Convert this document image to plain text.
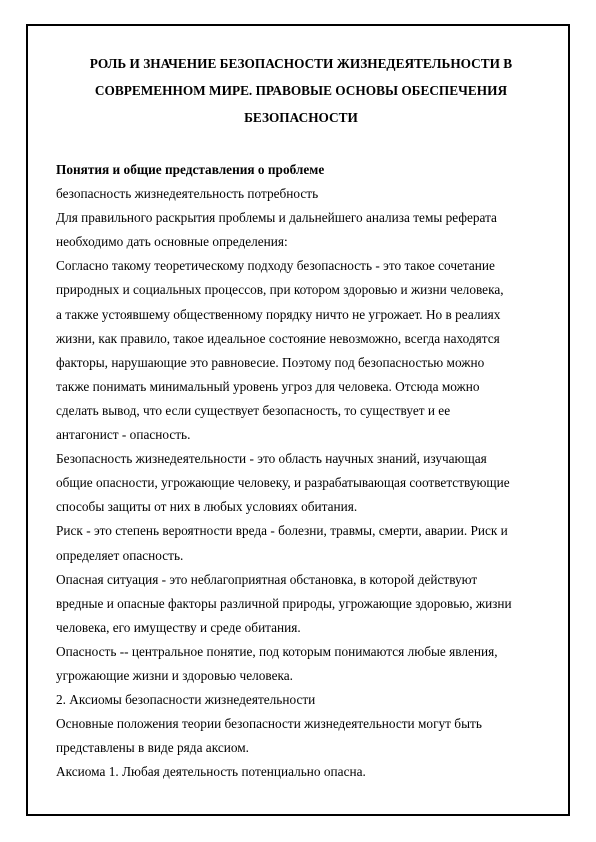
РОЛЬ И ЗНАЧЕНИЕ БЕЗОПАСНОСТИ ЖИЗНЕДЕЯТЕЛЬНОСТИ В
СОВРЕМЕННОМ МИРЕ. ПРАВОВЫЕ ОСНОВЫ ОБЕСПЕЧЕНИЯ
БЕЗОПАСНОСТИ
Понятия и общие представления о проблеме
безопасность жизнедеятельность потребность
Для правильного раскрытия проблемы и дальнейшего анализа темы реферата
необходимо дать основные определения:
Согласно такому теоретическому подходу безопасность - это такое сочетание
природных и социальных процессов, при котором здоровью и жизни человека,
а также устоявшему общественному порядку ничто не угрожает. Но в реалиях
жизни, как правило, такое идеальное состояние невозможно, всегда находятся
факторы, нарушающие это равновесие. Поэтому под безопасностью можно
также понимать минимальный уровень угроз для человека. Отсюда можно
сделать вывод, что если существует безопасность, то существует и ее
антагонист - опасность.
Безопасность жизнедеятельности - это область научных знаний, изучающая
общие опасности, угрожающие человеку, и разрабатывающая соответствующие
способы защиты от них в любых условиях обитания.
Риск - это степень вероятности вреда - болезни, травмы, смерти, аварии. Риск и
определяет опасность.
Опасная ситуация - это неблагоприятная обстановка, в которой действуют
вредные и опасные факторы различной природы, угрожающие здоровью, жизни
человека, его имуществу и среде обитания.
Опасность -- центральное понятие, под которым понимаются любые явления,
угрожающие жизни и здоровью человека.
2. Аксиомы безопасности жизнедеятельности
Основные положения теории безопасности жизнедеятельности могут быть
представлены в виде ряда аксиом.
Аксиома 1. Любая деятельность потенциально опасна.
